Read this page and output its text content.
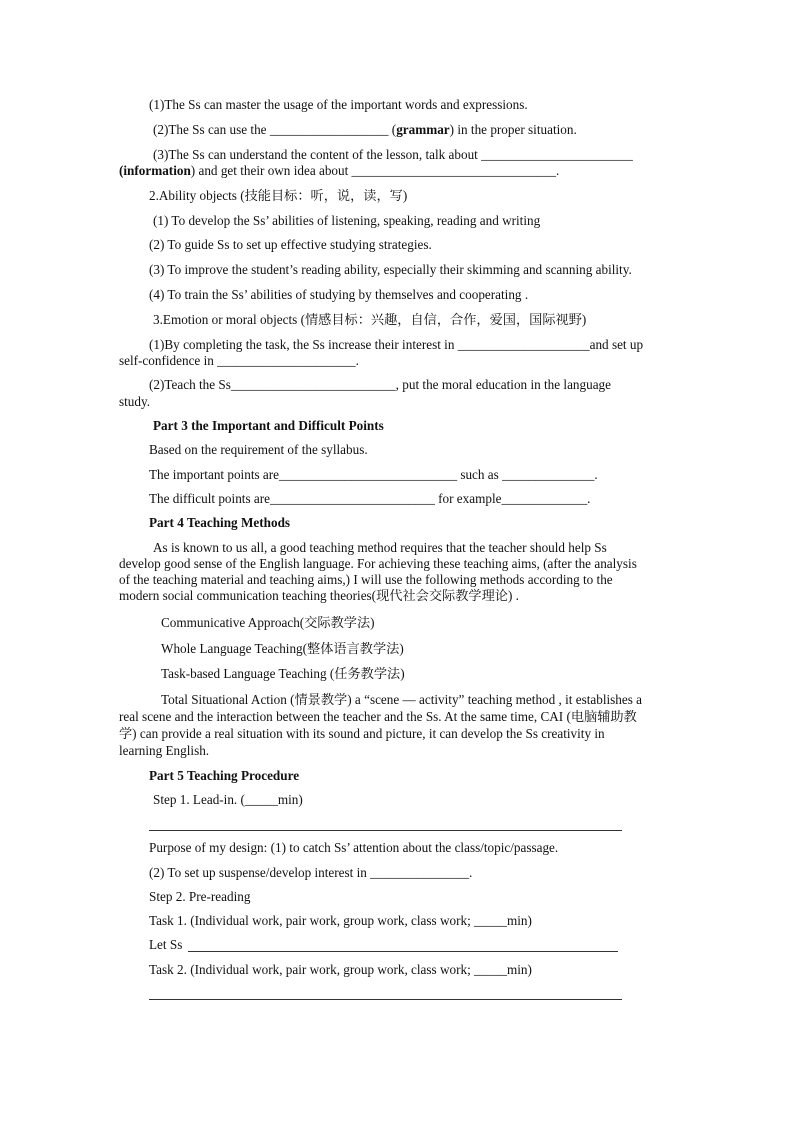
(1)The Ss can master the usage of the important words and expressions.
(2)The Ss can use the __________________ (grammar) in the proper situation.
(3)The Ss can understand the content of the lesson, talk about _______________________
(information) and get their own idea about _______________________________.
2.Ability objects (技能目标：听，说，读，写)
(1) To develop the Ss’ abilities of listening, speaking, reading and writing
(2) To guide Ss to set up effective studying strategies.
(3) To improve the student’s reading ability, especially their skimming and scanning ability.
(4) To train the Ss’ abilities of studying by themselves and cooperating .
3.Emotion or moral objects (情感目标：兴趣，自信，合作，爱国，国际视野)
(1)By completing the task, the Ss increase their interest in ____________________and set up
self-confidence in _____________________.
(2)Teach the Ss_________________________, put the moral education in the language
study.
Part 3 the Important and Difficult Points
Based on the requirement of the syllabus.
The important points are___________________________ such as ______________.
The difficult points are_________________________ for example_____________.
Part 4 Teaching Methods
As is known to us all, a good teaching method requires that the teacher should help Ss
develop good sense of the English language. For achieving these teaching aims, (after the analysis
of the teaching material and teaching aims,) I will use the following methods according to the
modern social communication teaching theories(现代社会交际教学理论) .
Communicative Approach(交际教学法)
Whole Language Teaching(整体语言教学法)
Task-based Language Teaching (任务教学法)
Total Situational Action (情景教学) a “scene — activity” teaching method , it establishes a
real scene and the interaction between the teacher and the Ss. At the same time, CAI (电脑辅助教
学) can provide a real situation with its sound and picture, it can develop the Ss creativity in
learning English.
Part 5 Teaching Procedure
Step 1. Lead-in. (_____min)
Purpose of my design: (1) to catch Ss’ attention about the class/topic/passage.
(2) To set up suspense/develop interest in _______________.
Step 2. Pre-reading
Task 1. (Individual work, pair work, group work, class work; _____min)
Let Ss
Task 2. (Individual work, pair work, group work, class work; _____min)
